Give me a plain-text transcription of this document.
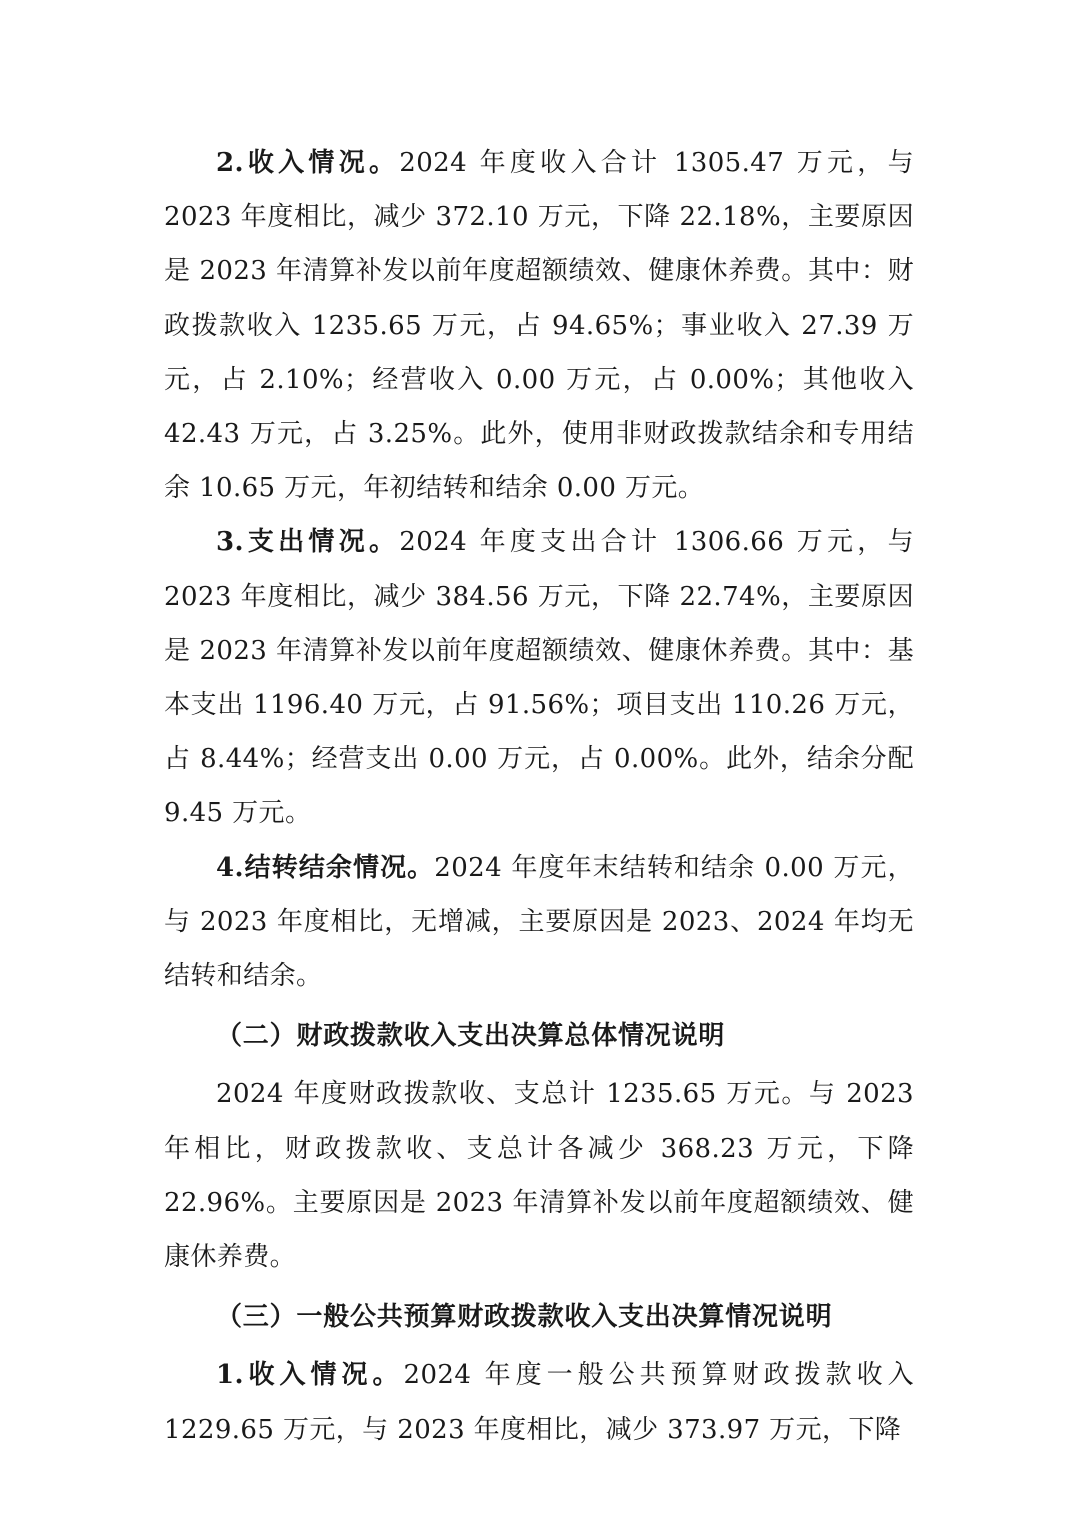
2.收入情况。2024 年度收入合计 1305.47 万元，与 2023 年度相比，减少 372.10 万元，下降 22.18%，主要原因是 2023 年清算补发以前年度超额绩效、健康休养费。其中：财政拨款收入 1235.65 万元，占 94.65%；事业收入 27.39 万元，占 2.10%；经营收入 0.00 万元，占 0.00%；其他收入 42.43 万元，占 3.25%。此外，使用非财政拨款结余和专用结余 10.65 万元，年初结转和结余 0.00 万元。

3.支出情况。2024 年度支出合计 1306.66 万元，与 2023 年度相比，减少 384.56 万元，下降 22.74%，主要原因是 2023 年清算补发以前年度超额绩效、健康休养费。其中：基本支出 1196.40 万元，占 91.56%；项目支出 110.26 万元，占 8.44%；经营支出 0.00 万元，占 0.00%。此外，结余分配 9.45 万元。

4.结转结余情况。2024 年度年末结转和结余 0.00 万元，与 2023 年度相比，无增减，主要原因是 2023、2024 年均无结转和结余。

（二）财政拨款收入支出决算总体情况说明

2024 年度财政拨款收、支总计 1235.65 万元。与 2023 年相比，财政拨款收、支总计各减少 368.23 万元，下降 22.96%。主要原因是 2023 年清算补发以前年度超额绩效、健康休养费。

（三）一般公共预算财政拨款收入支出决算情况说明

1.收入情况。2024 年度一般公共预算财政拨款收入 1229.65 万元，与 2023 年度相比，减少 373.97 万元，下降
